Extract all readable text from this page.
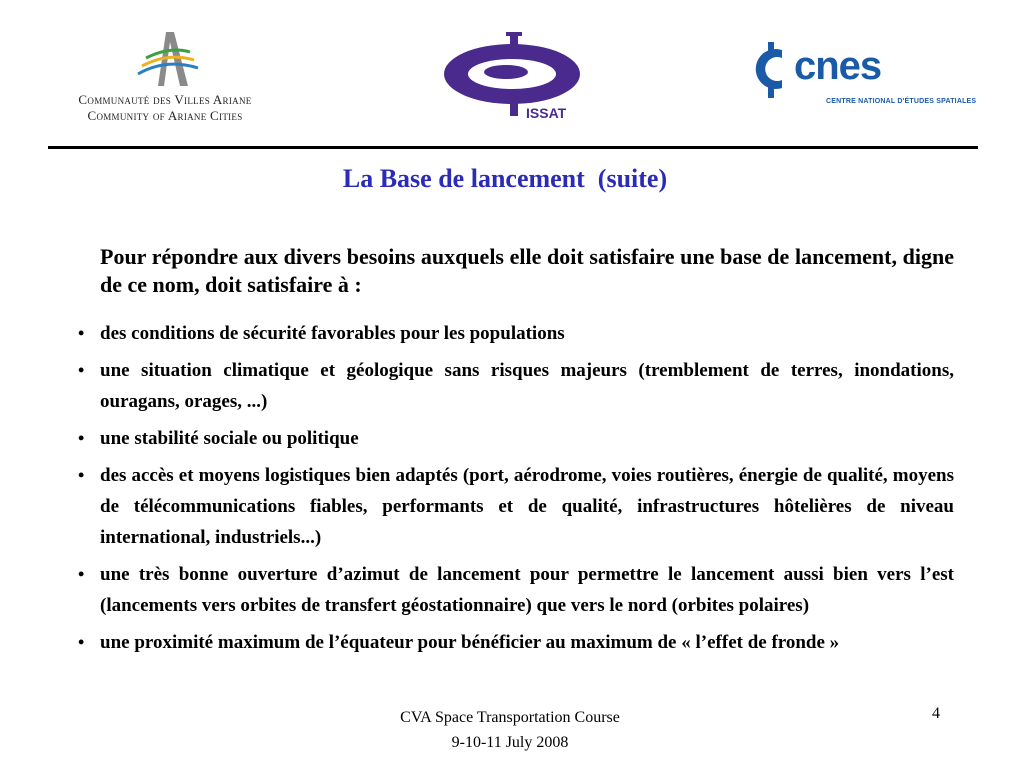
Communauté des Villes Ariane
Community of Ariane Cities	ISSAT
cnes
CENTRE NATIONAL D'ÉTUDES SPATIALES
La Base de lancement  (suite)
Pour répondre aux divers besoins auxquels elle doit satisfaire une base de lancement, digne de ce nom, doit satisfaire à :
• des conditions de sécurité favorables pour les populations
• une situation climatique et géologique sans risques majeurs (tremblement de terres, inondations, ouragans, orages, ...)
• une stabilité sociale ou politique
• des accès et moyens logistiques bien adaptés (port, aérodrome, voies routières, énergie de qualité, moyens de télécommunications fiables, performants et de qualité, infrastructures hôtelières de niveau international, industriels...)
• une très bonne ouverture d’azimut de lancement pour permettre le lancement aussi bien vers l’est (lancements vers orbites de transfert géostationnaire) que vers le nord (orbites polaires)
• une proximité maximum de l’équateur pour bénéficier au maximum de « l’effet de fronde »
CVA Space Transportation Course
9-10-11 July 2008
4
